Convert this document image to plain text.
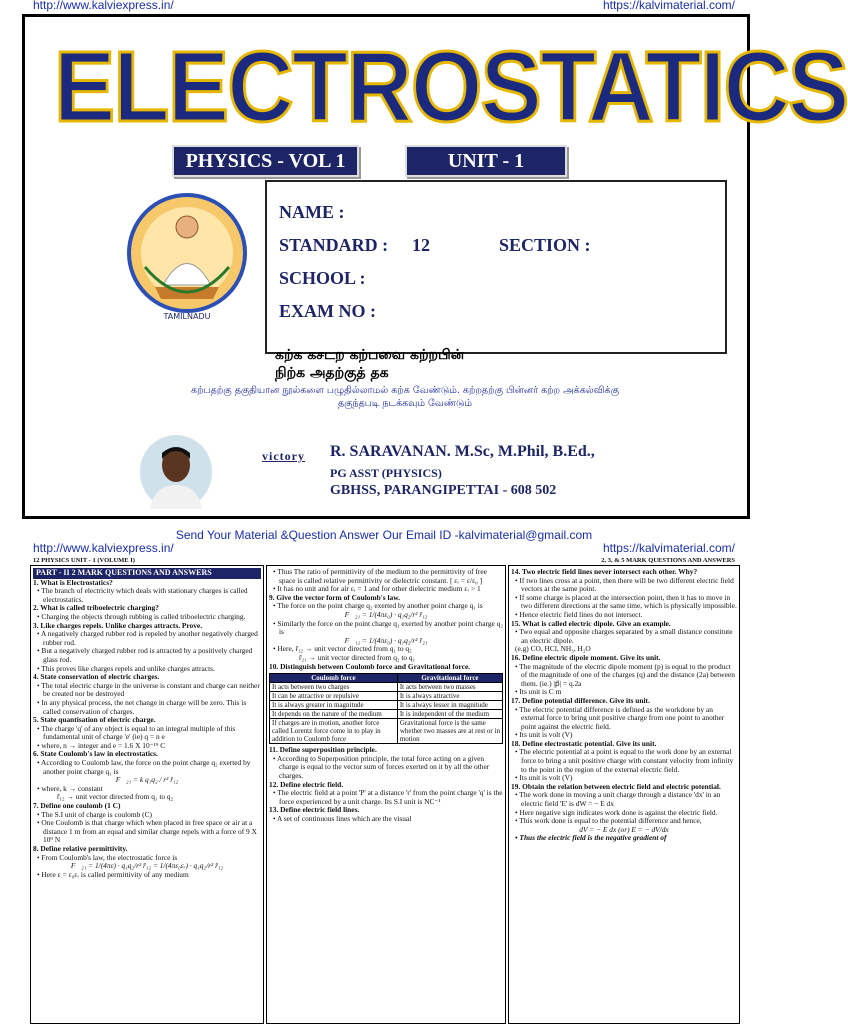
http://www.kalviexpress.in/	https://kalvimaterial.com/
ELECTROSTATICS
PHYSICS - VOL 1	UNIT - 1
TAMILNADU
NAME :
STANDARD : 12	SECTION :
SCHOOL :
EXAM NO :
கற்க கசடற கற்பவை கற்றபின்
நிற்க அதற்குத் தக
கற்பதற்கு தகுதியான நூல்களை பழுதில்லாமல் கற்க வேண்டும். கற்றதற்கு பின்னர் கற்ற அக்கல்விக்கு
தகுந்தபடி நடக்கவும் வேண்டும்
victory R. SARAVANAN. M.Sc, M.Phil, B.Ed.,
PG ASST (PHYSICS)
GBHSS, PARANGIPETTAI - 608 502
Send Your Material &Question Answer Our Email ID -kalvimaterial@gmail.com
http://www.kalviexpress.in/	https://kalvimaterial.com/
12 PHYSICS UNIT - 1 (VOLUME I)	2, 3, & 5 MARK QUESTIONS AND ANSWERS

PART - II 2 MARK QUESTIONS AND ANSWERS

1. What is Electrostatics?

• The branch of electricity which deals with stationary charges is called electrostatics.

2. What is called triboelectric charging?

• Charging the objects through rubbing is called triboelectric charging.

3. Like charges repels. Unlike charges attracts. Prove.

• A negatively charged rubber rod is repeled by another negatively charged rubber rod.

• But a negatively charged rubber rod is attracted by a positively charged glass rod.

• This proves like charges repels and unlike charges attracts.

4. State conservation of electric charges.

• The total electric charge in the universe is constant and charge can neither be created nor be destroyed

• In any physical process, the net change in charge will be zero. This is called conservation of charges.

5. State quantisation of electric charge.

• The charge 'q' of any object is equal to an integral multiple of this fundamental unit of charge 'e' (ie) q = n e

• where, n → integer and e = 1.6 X 10⁻¹⁹ C

6. State Coulomb's law in electrostatics.

• According to Coulomb law, the force on the point charge q₂ exerted by another point charge q₁ is

F⃗₂₁ = k q₁q₂ / r² r̂₁₂

• where, k → constant

r̂₁₂ → unit vector directed from q₁ to q₂

7. Define one coulomb (1 C)

• The S.I unit of charge is coulomb (C)

• One Coulomb is that charge which when placed in free space or air at a distance 1 m from an equal and similar charge repels with a force of 9 X 10⁹ N

8. Define relative permittivity.

• From Coulomb's law, the electrostatic force is

F⃗₂₁ = 1/(4πε) · q₁q₂/r² r̂₁₂ = 1/(4πε₀εᵣ) · q₁q₂/r² r̂₁₂

• Here ε = ε₀εᵣ is called permittivity of any medium

• Thus The ratio of permittivity of the medium to the permittivity of free space is called relative permittivity or dielectric constant. [ εᵣ = ε/ε₀ ]

• It has no unit and for air εᵣ = 1 and for other dielectric medium εᵣ > 1

9. Give the vector form of Coulomb's law.

• The force on the point charge q₂ exerted by another point charge q₁ is

F⃗₂₁ = 1/(4πε₀) · q₁q₂/r² r̂₁₂

• Similarly the force on the point charge q₁ exerted by another point charge q₂ is

F⃗₁₂ = 1/(4πε₀) · q₁q₂/r² r̂₂₁

• Here, r̂₁₂ → unit vector directed from q₁ to q₂

r̂₂₁ → unit vector directed from q₂ to q₁

10. Distinguish between Coulomb force and Gravitational force.

Coulomb force	Gravitational force
It acts between two charges	It acts between two masses
It can be attractive or repulsive	It is always attractive
It is always greater in magnitude	It is always lesser in magnitude
It depends on the nature of the medium	It is independent of the medium
If charges are in motion, another force called Lorentz force come in to play in addition to Coulomb force	Gravitational force is the same whether two masses are at rest or in motion

11. Define superposition principle.

• According to Superposition principle, the total force acting on a given charge is equal to the vector sum of forces exerted on it by all the other charges.

12. Define electric field.

• The electric field at a point 'P' at a distance 'r' from the point charge 'q' is the force experienced by a unit charge. Its S.I unit is NC⁻¹

13. Define electric field lines.

• A set of continuous lines which are the visual

14. Two electric field lines never intersect each other. Why?

• If two lines cross at a point, then there will be two different electric field vectors at the same point.

• If some charge is placed at the intersection point, then it has to move in two different directions at the same time, which is physically impossible.

• Hence electric field lines do not intersect.

15. What is called electric dipole. Give an example.

• Two equal and opposite charges separated by a small distance constitute an electric dipole.

(e.g) CO, HCl, NH₃, H₂O

16. Define electric dipole moment. Give its unit.

• The magnitude of the electric dipole moment (p) is equal to the product of the magnitude of one of the charges (q) and the distance (2a) between them. (ie.) |p⃗| = q.2a

• Its unit is C m

17. Define potential difference. Give its unit.

• The electric potential difference is defined as the workdone by an external force to bring unit positive charge from one point to another point against the electric field.

• Its unit is volt (V)

18. Define electrostatic potential. Give its unit.

• The electric potential at a point is equal to the work done by an external force to bring a unit positive charge with constant velocity from infinity to the point in the region of the external electric field.

• Its unit is volt (V)

19. Obtain the relation between electric field and electric potential.

• The work done in moving a unit charge through a distance 'dx' in an electric field 'E' is dW = − E dx

• Here negative sign indicates work done is against the electric field.

• This work done is equal to the potential difference and hence,

dV = − E dx (or) E = − dV/dx

• Thus the electric field is the negative gradient of
